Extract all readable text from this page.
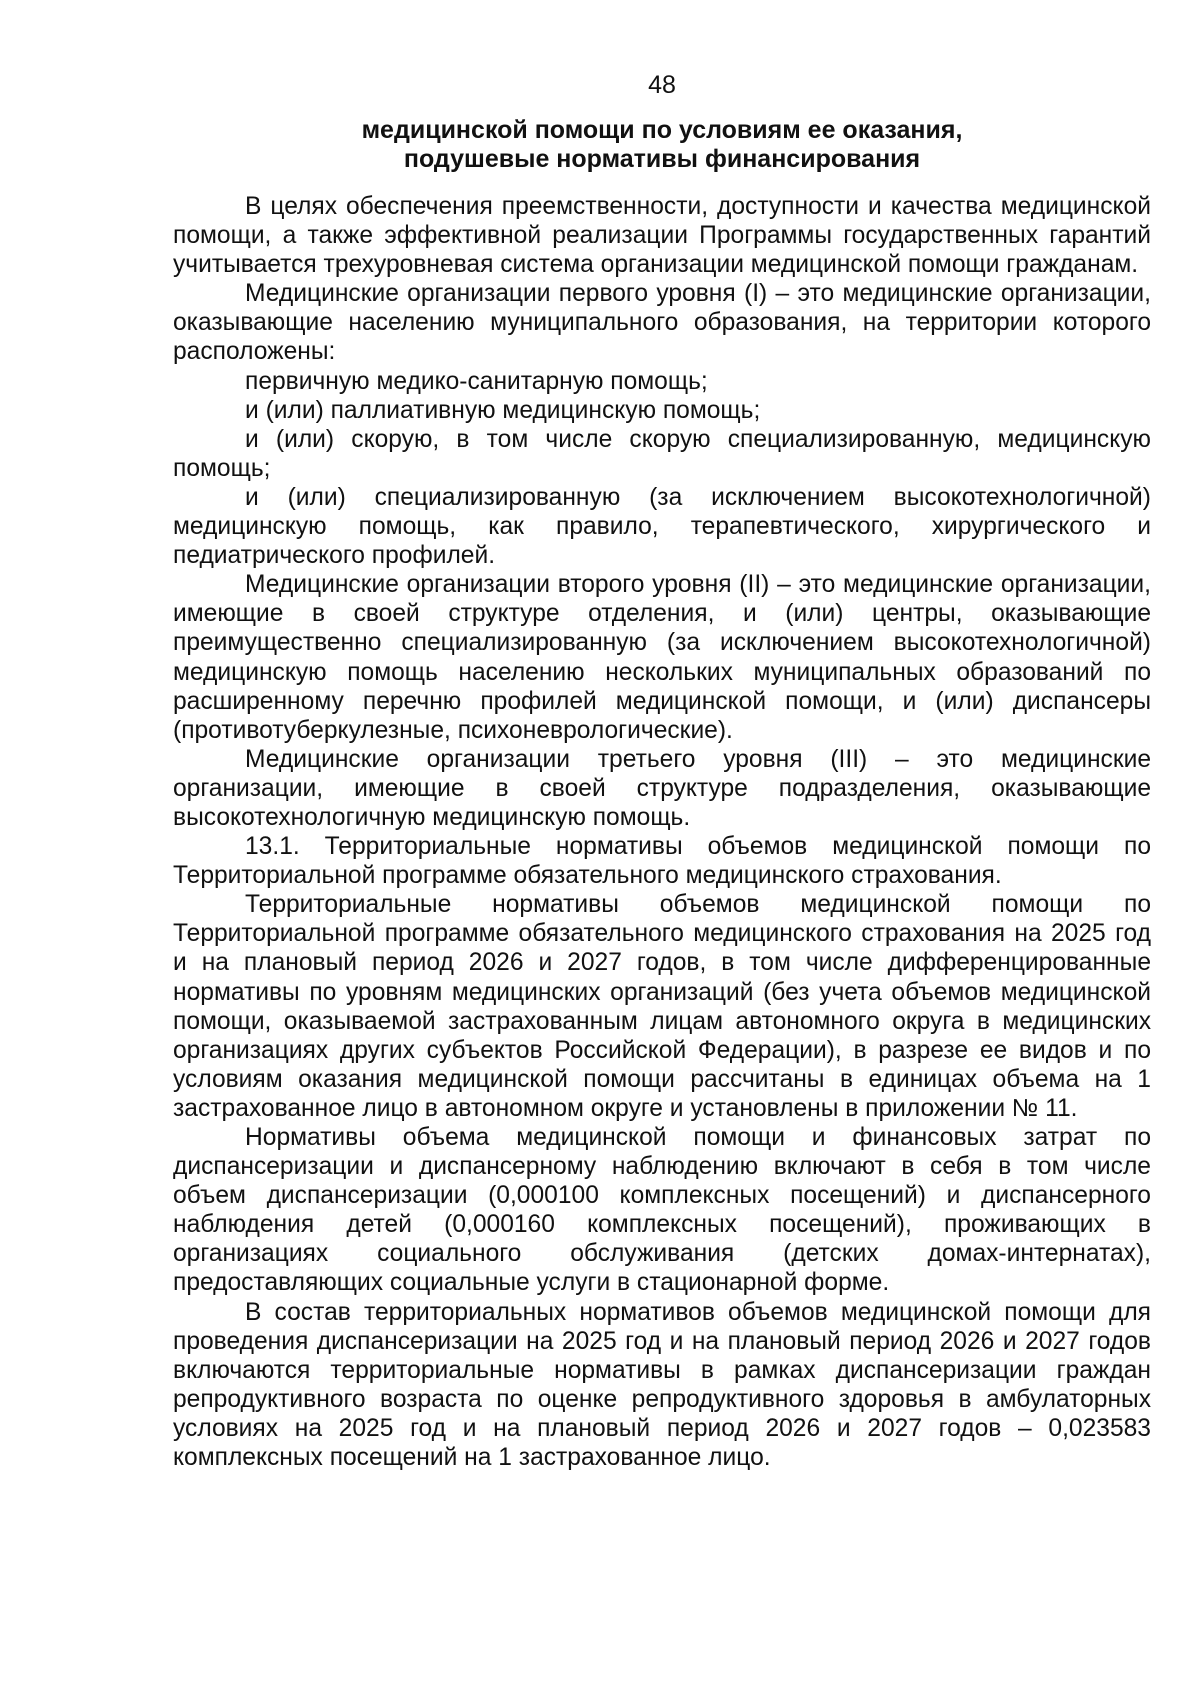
48
медицинской помощи по условиям ее оказания,
подушевые нормативы финансирования

В целях обеспечения преемственности, доступности и качества медицинской помощи, а также эффективной реализации Программы государственных гарантий учитывается трехуровневая система организации медицинской помощи гражданам.

Медицинские организации первого уровня (I) – это медицинские организации, оказывающие населению муниципального образования, на территории которого расположены:

первичную медико-санитарную помощь;

и (или) паллиативную медицинскую помощь;

и (или) скорую, в том числе скорую специализированную, медицинскую помощь;

и (или) специализированную (за исключением высокотехнологичной) медицинскую помощь, как правило, терапевтического, хирургического и педиатрического профилей.

Медицинские организации второго уровня (II) – это медицинские организации, имеющие в своей структуре отделения, и (или) центры, оказывающие преимущественно специализированную (за исключением высокотехнологичной) медицинскую помощь населению нескольких муниципальных образований по расширенному перечню профилей медицинской помощи, и (или) диспансеры (противотуберкулезные, психоневрологические).

Медицинские организации третьего уровня (III) – это медицинские организации, имеющие в своей структуре подразделения, оказывающие высокотехнологичную медицинскую помощь.

13.1. Территориальные нормативы объемов медицинской помощи по Территориальной программе обязательного медицинского страхования.

Территориальные нормативы объемов медицинской помощи по Территориальной программе обязательного медицинского страхования на 2025 год и на плановый период 2026 и 2027 годов, в том числе дифференцированные нормативы по уровням медицинских организаций (без учета объемов медицинской помощи, оказываемой застрахованным лицам автономного округа в медицинских организациях других субъектов Российской Федерации), в разрезе ее видов и по условиям оказания медицинской помощи рассчитаны в единицах объема на 1 застрахованное лицо в автономном округе и установлены в приложении № 11.

Нормативы объема медицинской помощи и финансовых затрат по диспансеризации и диспансерному наблюдению включают в себя в том числе объем диспансеризации (0,000100 комплексных посещений) и диспансерного наблюдения детей (0,000160 комплексных посещений), проживающих в организациях социального обслуживания (детских домах-интернатах), предоставляющих социальные услуги в стационарной форме.

В состав территориальных нормативов объемов медицинской помощи для проведения диспансеризации на 2025 год и на плановый период 2026 и 2027 годов включаются территориальные нормативы в рамках диспансеризации граждан репродуктивного возраста по оценке репродуктивного здоровья в амбулаторных условиях на 2025 год и на плановый период 2026 и 2027 годов – 0,023583 комплексных посещений на 1 застрахованное лицо.
